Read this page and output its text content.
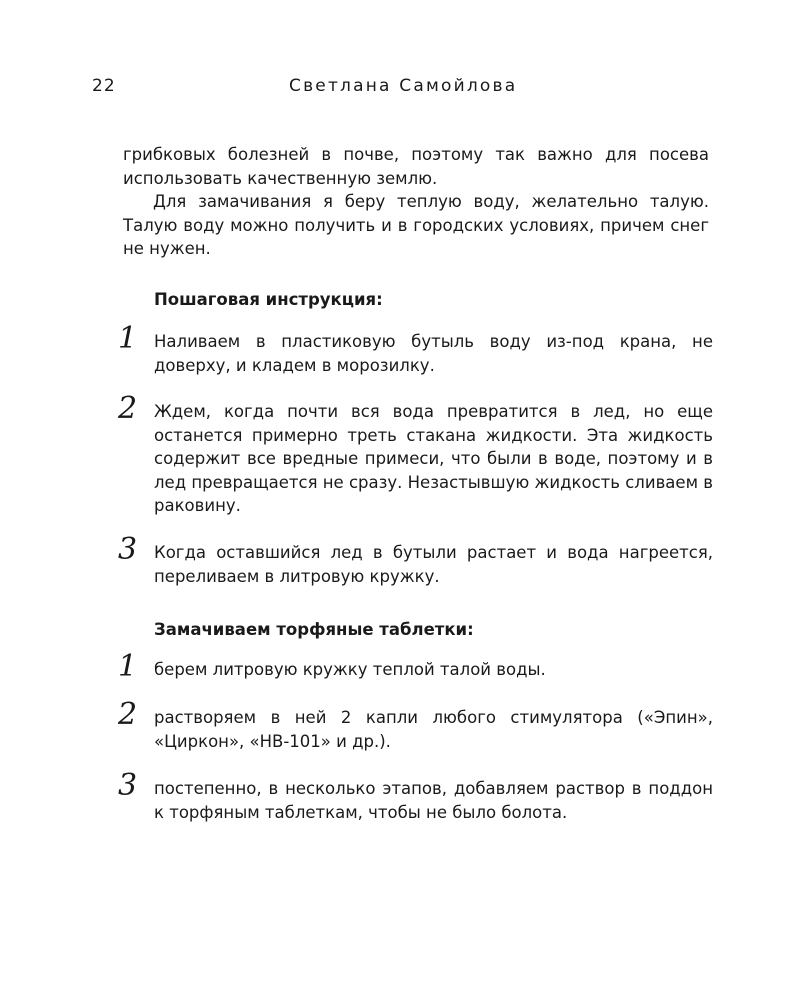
22	Светлана Самойлова

грибковых болезней в почве, поэтому так важно для посева использовать качественную землю.

Для замачивания я беру теплую воду, желательно талую. Талую воду можно получить и в городских условиях, причем снег не нужен.

Пошаговая инструкция:
1 Наливаем в пластиковую бутыль воду из-под крана, не доверху, и кладем в морозилку.
2 Ждем, когда почти вся вода превратится в лед, но еще останется примерно треть стакана жидкости. Эта жидкость содержит все вредные примеси, что были в воде, поэтому и в лед превращается не сразу. Незастывшую жидкость сливаем в раковину.
3 Когда оставшийся лед в бутыли растает и вода нагреется, переливаем в литровую кружку.
Замачиваем торфяные таблетки:
1 берем литровую кружку теплой талой воды.
2 растворяем в ней 2 капли любого стимулятора («Эпин», «Циркон», «HB-101» и др.).
3 постепенно, в несколько этапов, добавляем раствор в поддон к торфяным таблеткам, чтобы не было болота.
